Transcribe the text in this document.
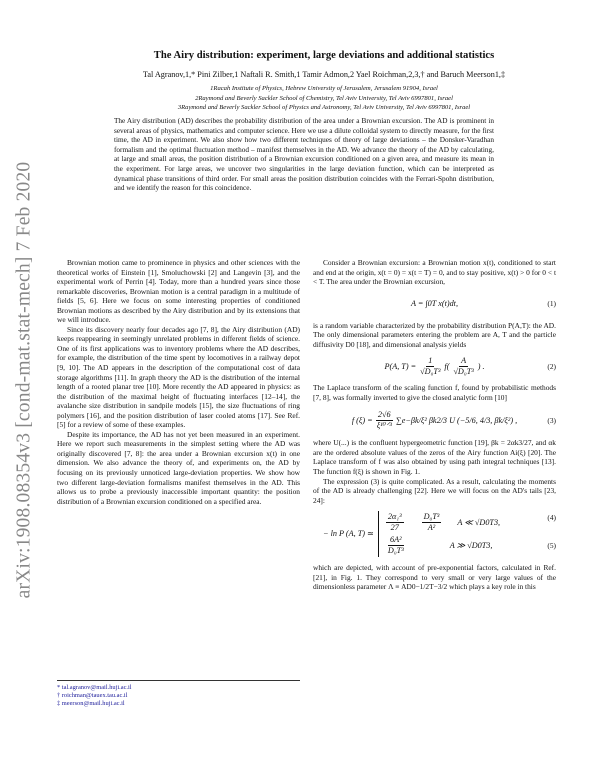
arXiv:1908.08354v3 [cond-mat.stat-mech] 7 Feb 2020
The Airy distribution: experiment, large deviations and additional statistics
Tal Agranov,1,* Pini Zilber,1 Naftali R. Smith,1 Tamir Admon,2 Yael Roichman,2,3,† and Baruch Meerson1,‡
1Racah Institute of Physics, Hebrew University of Jerusalem, Jerusalem 91904, Israel
2Raymond and Beverly Sackler School of Chemistry, Tel Aviv University, Tel Aviv 6997801, Israel
3Raymond and Beverly Sackler School of Physics and Astronomy, Tel Aviv University, Tel Aviv 6997801, Israel
The Airy distribution (AD) describes the probability distribution of the area under a Brownian excursion. The AD is prominent in several areas of physics, mathematics and computer science. Here we use a dilute colloidal system to directly measure, for the first time, the AD in experiment. We also show how two different techniques of theory of large deviations – the Donsker-Varadhan formalism and the optimal fluctuation method – manifest themselves in the AD. We advance the theory of the AD by calculating, at large and small areas, the position distribution of a Brownian excursion conditioned on a given area, and measure its mean in the experiment. For large areas, we uncover two singularities in the large deviation function, which can be interpreted as dynamical phase transitions of third order. For small areas the position distribution coincides with the Ferrari-Spohn distribution, and we identify the reason for this coincidence.

Brownian motion came to prominence in physics and other sciences with the theoretical works of Einstein [1], Smoluchowski [2] and Langevin [3], and the experimental work of Perrin [4]. Today, more than a hundred years since those remarkable discoveries, Brownian motion is a central paradigm in a multitude of fields [5, 6]. Here we focus on some interesting properties of conditioned Brownian motions as described by the Airy distribution and by its extensions that we will introduce.

Since its discovery nearly four decades ago [7, 8], the Airy distribution (AD) keeps reappearing in seemingly unrelated problems in different fields of science. One of its first applications was to inventory problems where the AD describes, for example, the distribution of the time spent by locomotives in a railway depot [9, 10]. The AD appears in the description of the computational cost of data storage algorithms [11]. In graph theory the AD is the distribution of the internal length of a rooted planar tree [10]. More recently the AD appeared in physics: as the distribution of the maximal height of fluctuating interfaces [12–14], the avalanche size distribution in sandpile models [15], the size fluctuations of ring polymers [16], and the position distribution of laser cooled atoms [17]. See Ref. [5] for a review of some of these examples.

Despite its importance, the AD has not yet been measured in an experiment. Here we report such measurements in the simplest setting where the AD was originally discovered [7, 8]: the area under a Brownian excursion x(t) in one dimension. We also advance the theory of, and experiments on, the AD by focusing on its previously unnoticed large-deviation properties. We show how two different large-deviation formalisms manifest themselves in the AD. This allows us to probe a previously inaccessible important quantity: the position distribution of a Brownian excursion conditioned on a specified area.

Consider a Brownian excursion: a Brownian motion x(t), conditioned to start and end at the origin, x(t = 0) = x(t = T) = 0, and to stay positive, x(t) > 0 for 0 < t < T. The area under the Brownian excursion,

A = ∫0T x(t)dt,	(1)

is a random variable characterized by the probability distribution P(A,T): the AD. The only dimensional parameters entering the problem are A, T and the particle diffusivity D0 [18], and dimensional analysis yields

P(A, $T) = \frac{1}{\text{√D₀T³}}$ f ( $\frac{A}{\text{√D₀T³}}$ ) .	(2)

The Laplace transform of the scaling function f, found by probabilistic methods [7, 8], was formally inverted to give the closed analytic form [10]

f $(\xi) = \frac{2√6}{\text{ξ¹⁰ᐟ³}}$ ∑ e−βk/ξ² βk2/3 U (−5/6, 4/3, βk/ξ²) ,	(3)

where U(...) is the confluent hypergeometric function [19], βk = 2αk3/27, and αk are the ordered absolute values of the zeros of the Airy function Ai(ξ) [20]. The Laplace transform of f was also obtained by using path integral techniques [13]. The function f(ξ) is shown in Fig. 1.

The expression (3) is quite complicated. As a result, calculating the moments of the AD is already challenging [22]. Here we will focus on the AD's tails [23, 24]:

− ln P (A, T) ≃
$\frac{\text{2α₁³}}{27} \frac{\text{D₀T³}}{\text{A²}}$ A ≪ √D0T3,
$\frac{\text{6A²}}{\text{D₀T³}}$	A ≫ √D0T3,
(4)
(5)

which are depicted, with account of pre-exponential factors, calculated in Ref. [21], in Fig. 1. They correspond to very small or very large values of the dimensionless parameter Λ ≡ AD0−1/2T−3/2 which plays a key role in this

* tal.agranov@mail.huji.ac.il
† roichman@tauex.tau.ac.il
‡ meerson@mail.huji.ac.il
